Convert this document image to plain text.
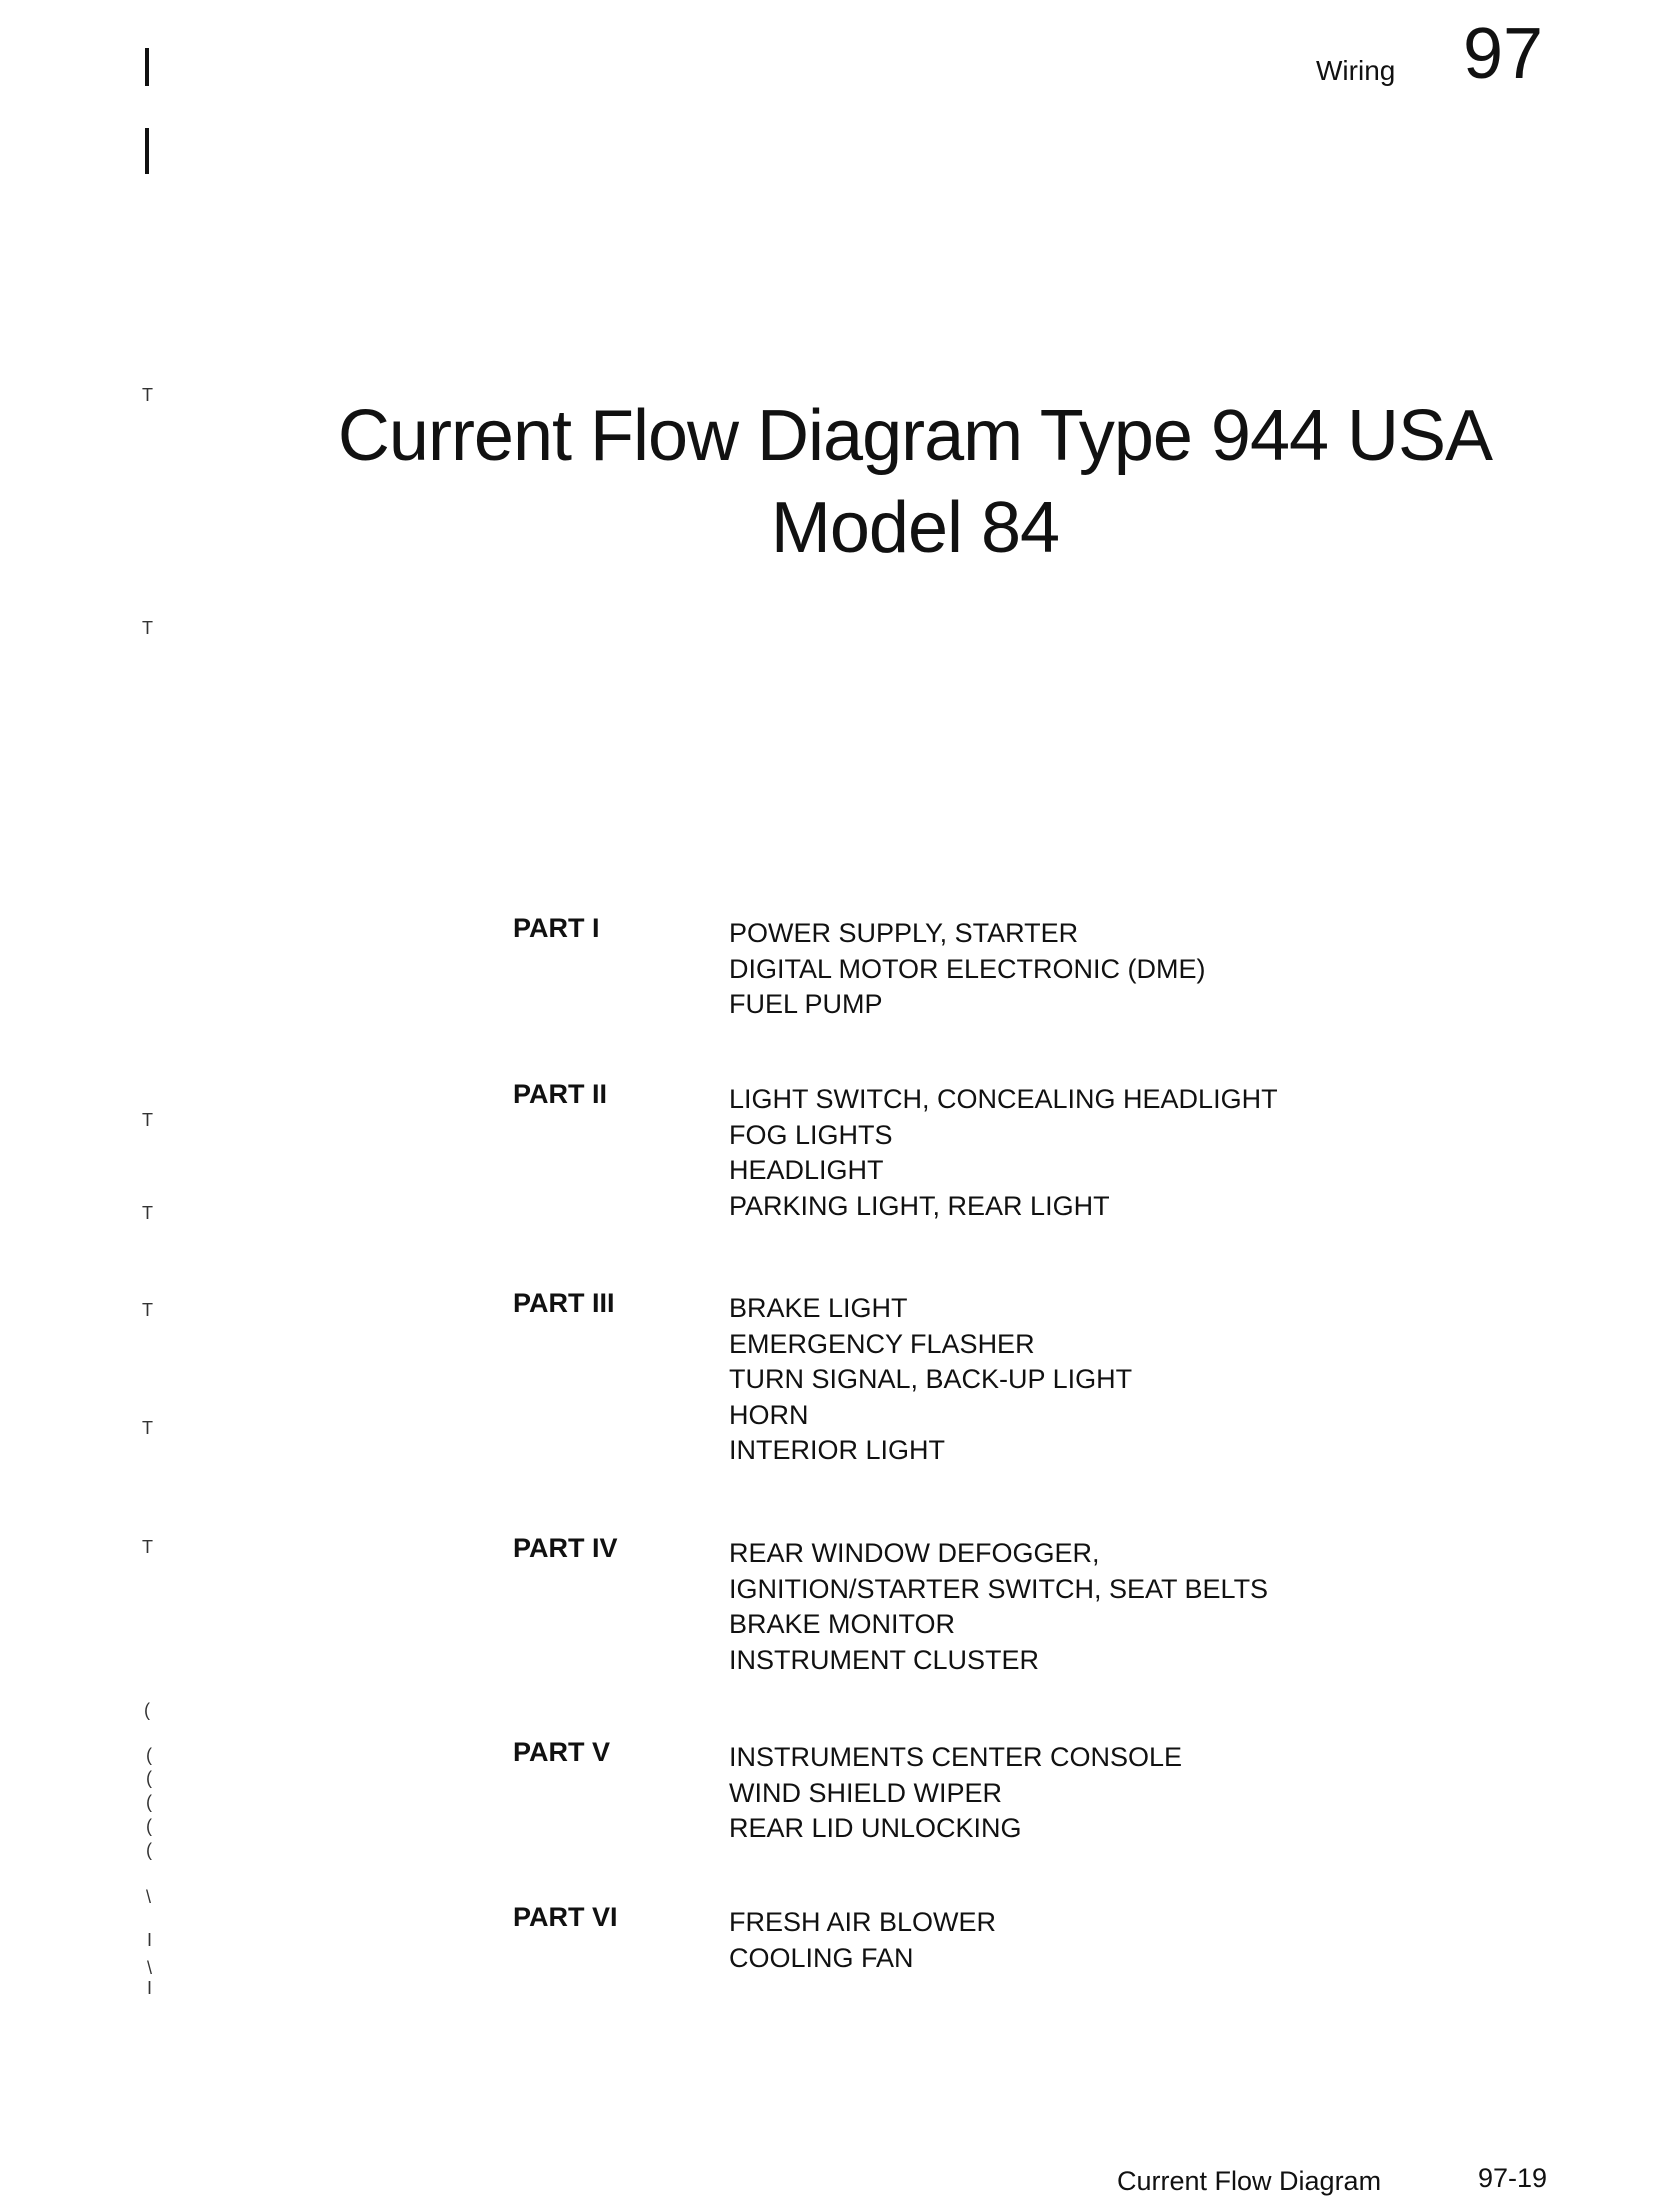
Wiring 97
T
T
T
T
T
T
T
(
(
(
(
(
(
\
I
\
I
Current Flow Diagram Type 944 USA
Model 84
PART I	POWER SUPPLY, STARTER
DIGITAL MOTOR ELECTRONIC (DME)
FUEL PUMP
PART II	LIGHT SWITCH, CONCEALING HEADLIGHT
FOG LIGHTS
HEADLIGHT
PARKING LIGHT, REAR LIGHT
PART III	BRAKE LIGHT
EMERGENCY FLASHER
TURN SIGNAL, BACK-UP LIGHT
HORN
INTERIOR LIGHT
PART IV	REAR WINDOW DEFOGGER,
IGNITION/STARTER SWITCH, SEAT BELTS
BRAKE MONITOR
INSTRUMENT CLUSTER
PART V	INSTRUMENTS CENTER CONSOLE
WIND SHIELD WIPER
REAR LID UNLOCKING
PART VI	FRESH AIR BLOWER
COOLING FAN
Current Flow Diagram	97-19
